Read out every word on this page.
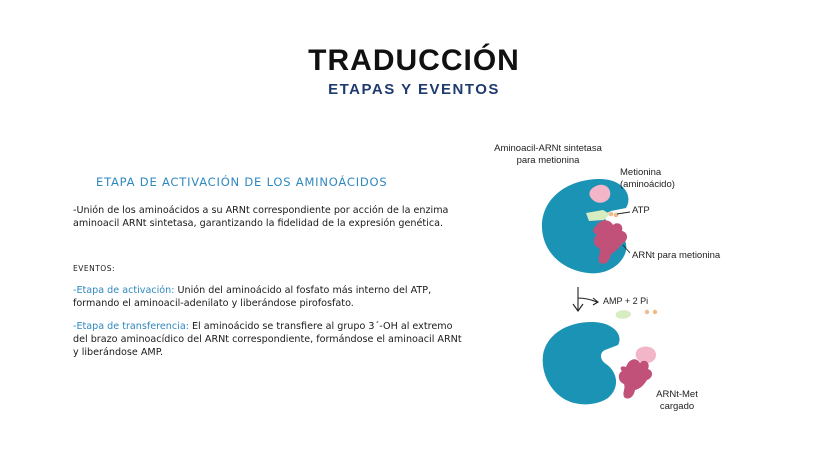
TRADUCCIÓN
ETAPAS Y EVENTOS
ETAPA DE ACTIVACIÓN DE LOS AMINOÁCIDOS
-Unión de los aminoácidos a su ARNt correspondiente por acción de la enzima aminoacil ARNt sintetasa, garantizando la fidelidad de la expresión genética.
EVENTOS:
-Etapa de activación: Unión del aminoácido al fosfato más interno del ATP, formando el aminoacil-adenilato y liberándose pirofosfato.
-Etapa de transferencia: El aminoácido se transfiere al grupo 3´-OH al extremo del brazo aminoacídico del ARNt correspondiente, formándose el aminoacil ARNt y liberándose AMP.
Aminoacil-ARNt sintetasa para metionina
Metionina (aminoácido)
ATP
ARNt para metionina
AMP + 2 Pi
ARNt-Met cargado
